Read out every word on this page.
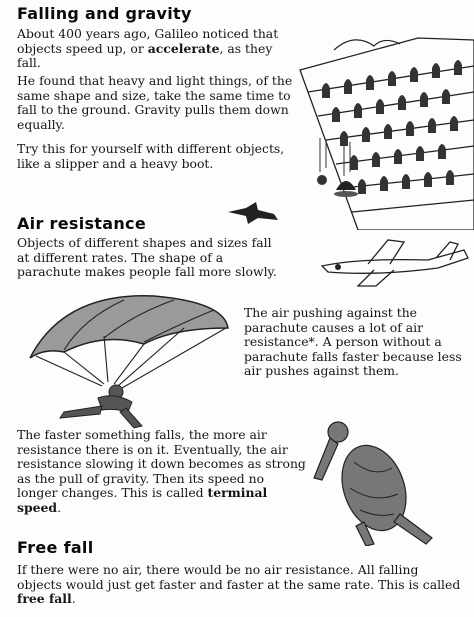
Falling and gravity

About 400 years ago, Galileo noticed that objects speed up, or accelerate, as they fall.

He found that heavy and light things, of the same shape and size, take the same time to fall to the ground. Gravity pulls them down equally.

Try this for yourself with different objects, like a slipper and a heavy boot.

Air resistance

Objects of different shapes and sizes fall at different rates. The shape of a parachute makes people fall more slowly.

The air pushing against the parachute causes a lot of air resistance*. A person without a parachute falls faster because less air pushes against them.

The faster something falls, the more air resistance there is on it. Eventually, the air resistance slowing it down becomes as strong as the pull of gravity. Then its speed no longer changes. This is called terminal speed.

Free fall

If there were no air, there would be no air resistance. All falling objects would just get faster and faster at the same rate. This is called free fall.
